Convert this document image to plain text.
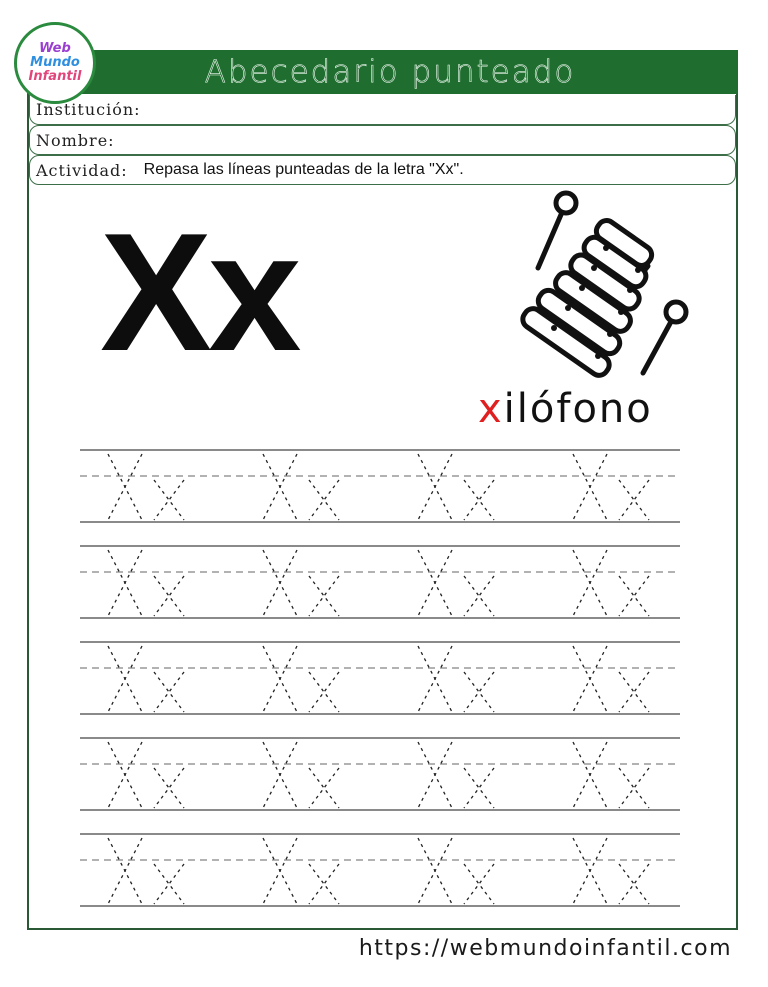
Abecedario punteado
Web
Mundo
Infantil
Institución:
Nombre:
Actividad: Repasa las líneas punteadas de la letra "Xx".
Xx
xilófono
https://webmundoinfantil.com
